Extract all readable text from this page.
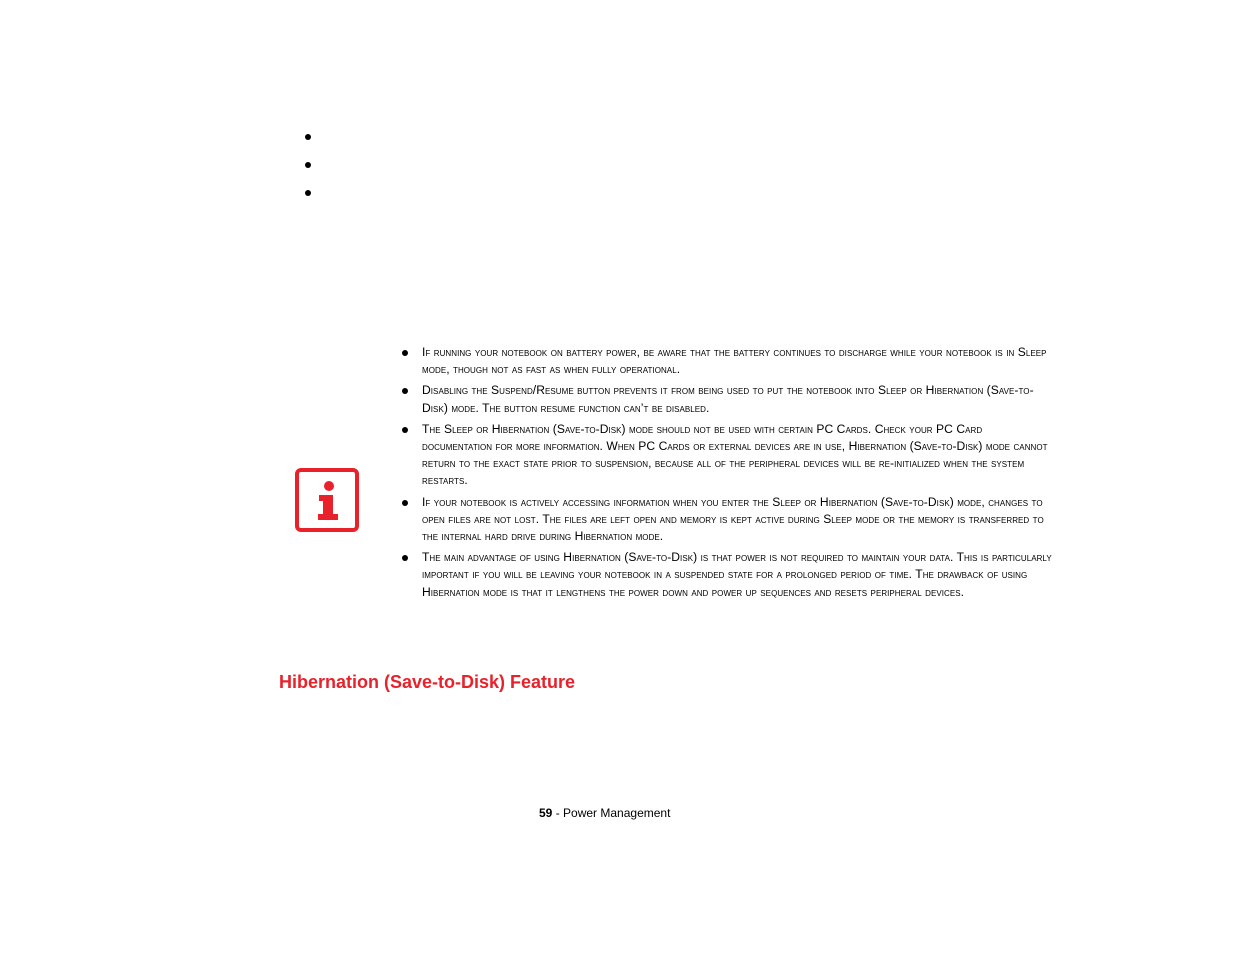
If running your notebook on battery power, be aware that the battery continues to discharge while your notebook is in Sleep mode, though not as fast as when fully operational.
Disabling the Suspend/Resume button prevents it from being used to put the notebook into Sleep or Hibernation (Save-to-Disk) mode. The button resume function can’t be disabled.
The Sleep or Hibernation (Save-to-Disk) mode should not be used with certain PC Cards. Check your PC Card documentation for more information. When PC Cards or external devices are in use, Hibernation (Save-to-Disk) mode cannot return to the exact state prior to suspension, because all of the peripheral devices will be re-initialized when the system restarts.
If your notebook is actively accessing information when you enter the Sleep or Hibernation (Save-to-Disk) mode, changes to open files are not lost. The files are left open and memory is kept active during Sleep mode or the memory is transferred to the internal hard drive during Hibernation mode.
The main advantage of using Hibernation (Save-to-Disk) is that power is not required to maintain your data. This is particularly important if you will be leaving your notebook in a suspended state for a prolonged period of time. The drawback of using Hibernation mode is that it lengthens the power down and power up sequences and resets peripheral devices.
Hibernation (Save-to-Disk) Feature
59 - Power Management
